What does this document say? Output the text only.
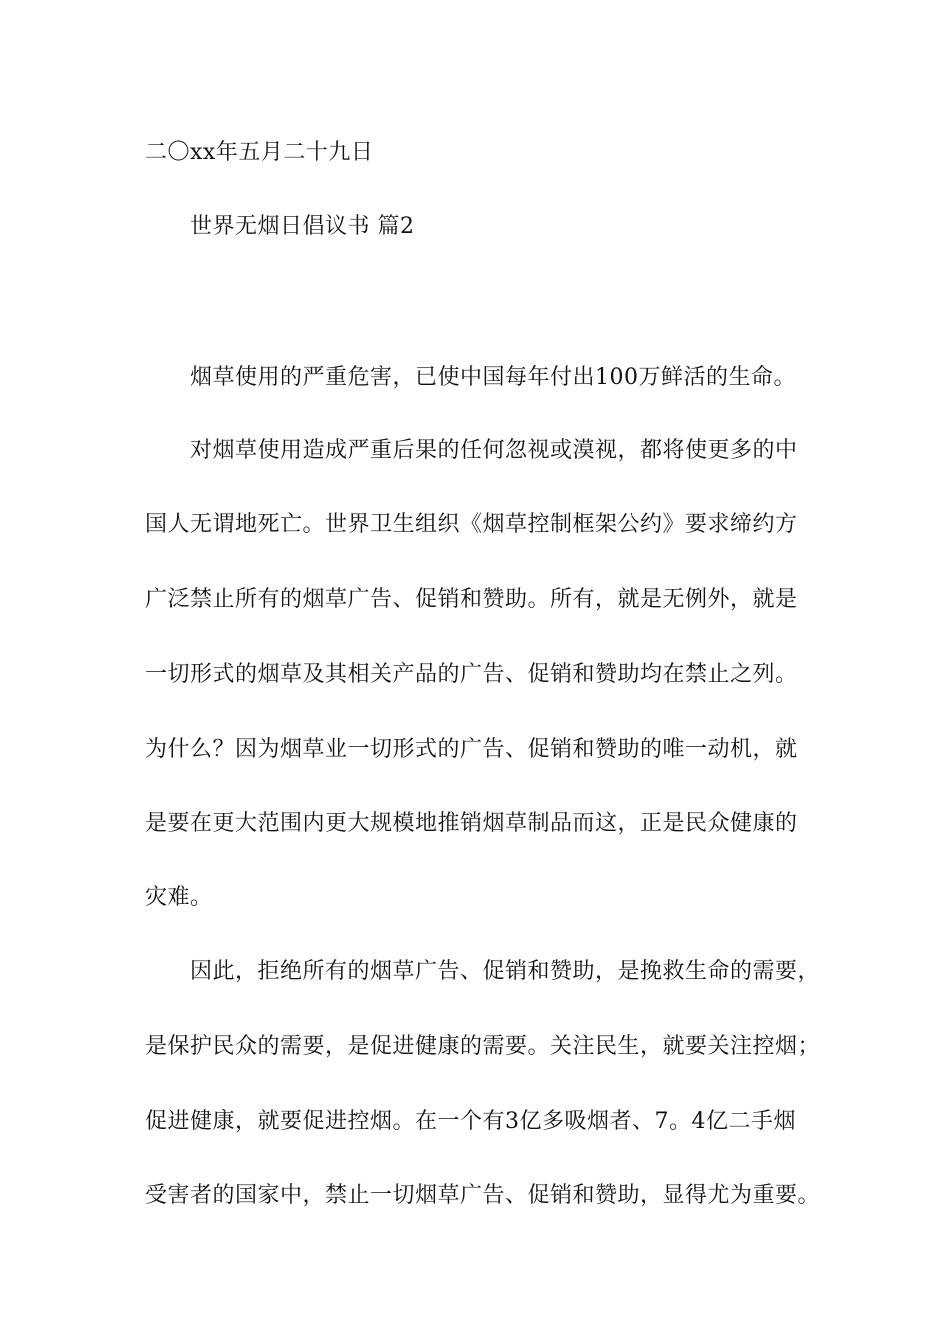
二〇xx年五月二十九日
世界无烟日倡议书 篇2
烟草使用的严重危害，已使中国每年付出100万鲜活的生命。
对烟草使用造成严重后果的任何忽视或漠视，都将使更多的中
国人无谓地死亡。世界卫生组织《烟草控制框架公约》要求缔约方
广泛禁止所有的烟草广告、促销和赞助。所有，就是无例外，就是
一切形式的烟草及其相关产品的广告、促销和赞助均在禁止之列。
为什么？因为烟草业一切形式的广告、促销和赞助的唯一动机，就
是要在更大范围内更大规模地推销烟草制品而这，正是民众健康的
灾难。
因此，拒绝所有的烟草广告、促销和赞助，是挽救生命的需要，
是保护民众的需要，是促进健康的需要。关注民生，就要关注控烟；
促进健康，就要促进控烟。在一个有3亿多吸烟者、7。4亿二手烟
受害者的国家中，禁止一切烟草广告、促销和赞助，显得尤为重要。
